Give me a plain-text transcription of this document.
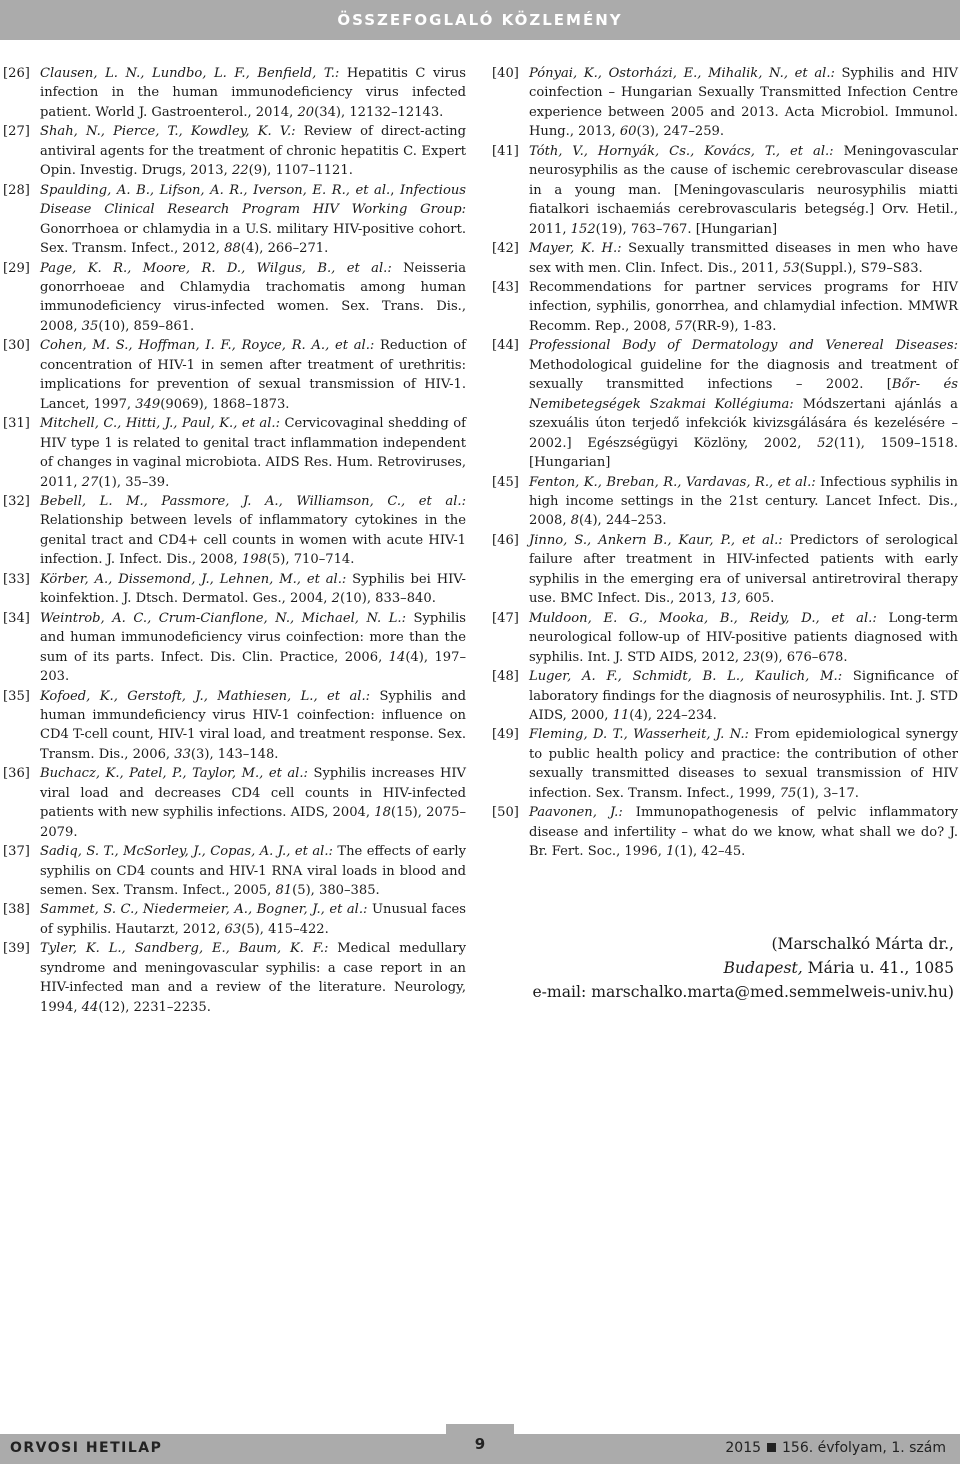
ÖSSZEFOGLALÓ KÖZLEMÉNY

[26] Clausen, L. N., Lundbo, L. F., Benfield, T.: Hepatitis C virus infection in the human immunodeficiency virus infected patient. World J. Gastroenterol., 2014, 20(34), 12132–12143.

[27] Shah, N., Pierce, T., Kowdley, K. V.: Review of direct-acting antiviral agents for the treatment of chronic hepatitis C. Expert Opin. Investig. Drugs, 2013, 22(9), 1107–1121.

[28] Spaulding, A. B., Lifson, A. R., Iverson, E. R., et al., Infectious Disease Clinical Research Program HIV Working Group: Gonorrhoea or chlamydia in a U.S. military HIV-positive cohort. Sex. Transm. Infect., 2012, 88(4), 266–271.

[29] Page, K. R., Moore, R. D., Wilgus, B., et al.: Neisseria gonorrhoeae and Chlamydia trachomatis among human immunodeficiency virus-infected women. Sex. Trans. Dis., 2008, 35(10), 859–861.

[30] Cohen, M. S., Hoffman, I. F., Royce, R. A., et al.: Reduction of concentration of HIV-1 in semen after treatment of urethritis: implications for prevention of sexual transmission of HIV-1. Lancet, 1997, 349(9069), 1868–1873.

[31] Mitchell, C., Hitti, J., Paul, K., et al.: Cervicovaginal shedding of HIV type 1 is related to genital tract inflammation independent of changes in vaginal microbiota. AIDS Res. Hum. Retroviruses, 2011, 27(1), 35–39.

[32] Bebell, L. M., Passmore, J. A., Williamson, C., et al.: Relationship between levels of inflammatory cytokines in the genital tract and CD4+ cell counts in women with acute HIV-1 infection. J. Infect. Dis., 2008, 198(5), 710–714.

[33] Körber, A., Dissemond, J., Lehnen, M., et al.: Syphilis bei HIV-koinfektion. J. Dtsch. Dermatol. Ges., 2004, 2(10), 833–840.

[34] Weintrob, A. C., Crum-Cianflone, N., Michael, N. L.: Syphilis and human immunodeficiency virus coinfection: more than the sum of its parts. Infect. Dis. Clin. Practice, 2006, 14(4), 197–203.

[35] Kofoed, K., Gerstoft, J., Mathiesen, L., et al.: Syphilis and human immundeficiency virus HIV-1 coinfection: influence on CD4 T-cell count, HIV-1 viral load, and treatment response. Sex. Transm. Dis., 2006, 33(3), 143–148.

[36] Buchacz, K., Patel, P., Taylor, M., et al.: Syphilis increases HIV viral load and decreases CD4 cell counts in HIV-infected patients with new syphilis infections. AIDS, 2004, 18(15), 2075–2079.

[37] Sadiq, S. T., McSorley, J., Copas, A. J., et al.: The effects of early syphilis on CD4 counts and HIV-1 RNA viral loads in blood and semen. Sex. Transm. Infect., 2005, 81(5), 380–385.

[38] Sammet, S. C., Niedermeier, A., Bogner, J., et al.: Unusual faces of syphilis. Hautarzt, 2012, 63(5), 415–422.

[39] Tyler, K. L., Sandberg, E., Baum, K. F.: Medical medullary syndrome and meningovascular syphilis: a case report in an HIV-infected man and a review of the literature. Neurology, 1994, 44(12), 2231–2235.

[40] Pónyai, K., Ostorházi, E., Mihalik, N., et al.: Syphilis and HIV coinfection – Hungarian Sexually Transmitted Infection Centre experience between 2005 and 2013. Acta Microbiol. Immunol. Hung., 2013, 60(3), 247–259.

[41] Tóth, V., Hornyák, Cs., Kovács, T., et al.: Meningovascular neurosyphilis as the cause of ischemic cerebrovascular disease in a young man. [Meningovascularis neurosyphilis miatti fiatalkori ischaemiás cerebrovascularis betegség.] Orv. Hetil., 2011, 152(19), 763–767. [Hungarian]

[42] Mayer, K. H.: Sexually transmitted diseases in men who have sex with men. Clin. Infect. Dis., 2011, 53(Suppl.), S79–S83.

[43] Recommendations for partner services programs for HIV infection, syphilis, gonorrhea, and chlamydial infection. MMWR Recomm. Rep., 2008, 57(RR-9), 1-83.

[44] Professional Body of Dermatology and Venereal Diseases: Methodological guideline for the diagnosis and treatment of sexually transmitted infections – 2002. [Bőr- és Nemibetegségek Szakmai Kollégiuma: Módszertani ajánlás a szexuális úton terjedő infekciók kivizsgálására és kezelésére – 2002.] Egészségügyi Közlöny, 2002, 52(11), 1509–1518. [Hungarian]

[45] Fenton, K., Breban, R., Vardavas, R., et al.: Infectious syphilis in high income settings in the 21st century. Lancet Infect. Dis., 2008, 8(4), 244–253.

[46] Jinno, S., Ankern B., Kaur, P., et al.: Predictors of serological failure after treatment in HIV-infected patients with early syphilis in the emerging era of universal antiretroviral therapy use. BMC Infect. Dis., 2013, 13, 605.

[47] Muldoon, E. G., Mooka, B., Reidy, D., et al.: Long-term neurological follow-up of HIV-positive patients diagnosed with syphilis. Int. J. STD AIDS, 2012, 23(9), 676–678.

[48] Luger, A. F., Schmidt, B. L., Kaulich, M.: Significance of laboratory findings for the diagnosis of neurosyphilis. Int. J. STD AIDS, 2000, 11(4), 224–234.

[49] Fleming, D. T., Wasserheit, J. N.: From epidemiological synergy to public health policy and practice: the contribution of other sexually transmitted diseases to sexual transmission of HIV infection. Sex. Transm. Infect., 1999, 75(1), 3–17.

[50] Paavonen, J.: Immunopathogenesis of pelvic inflammatory disease and infertility – what do we know, what shall we do? J. Br. Fert. Soc., 1996, 1(1), 42–45.

(Marschalkó Márta dr.,
Budapest, Mária u. 41., 1085
e-mail: marschalko.marta@med.semmelweis-univ.hu)
ORVOSI HETILAP	9	2015 156. évfolyam, 1. szám
